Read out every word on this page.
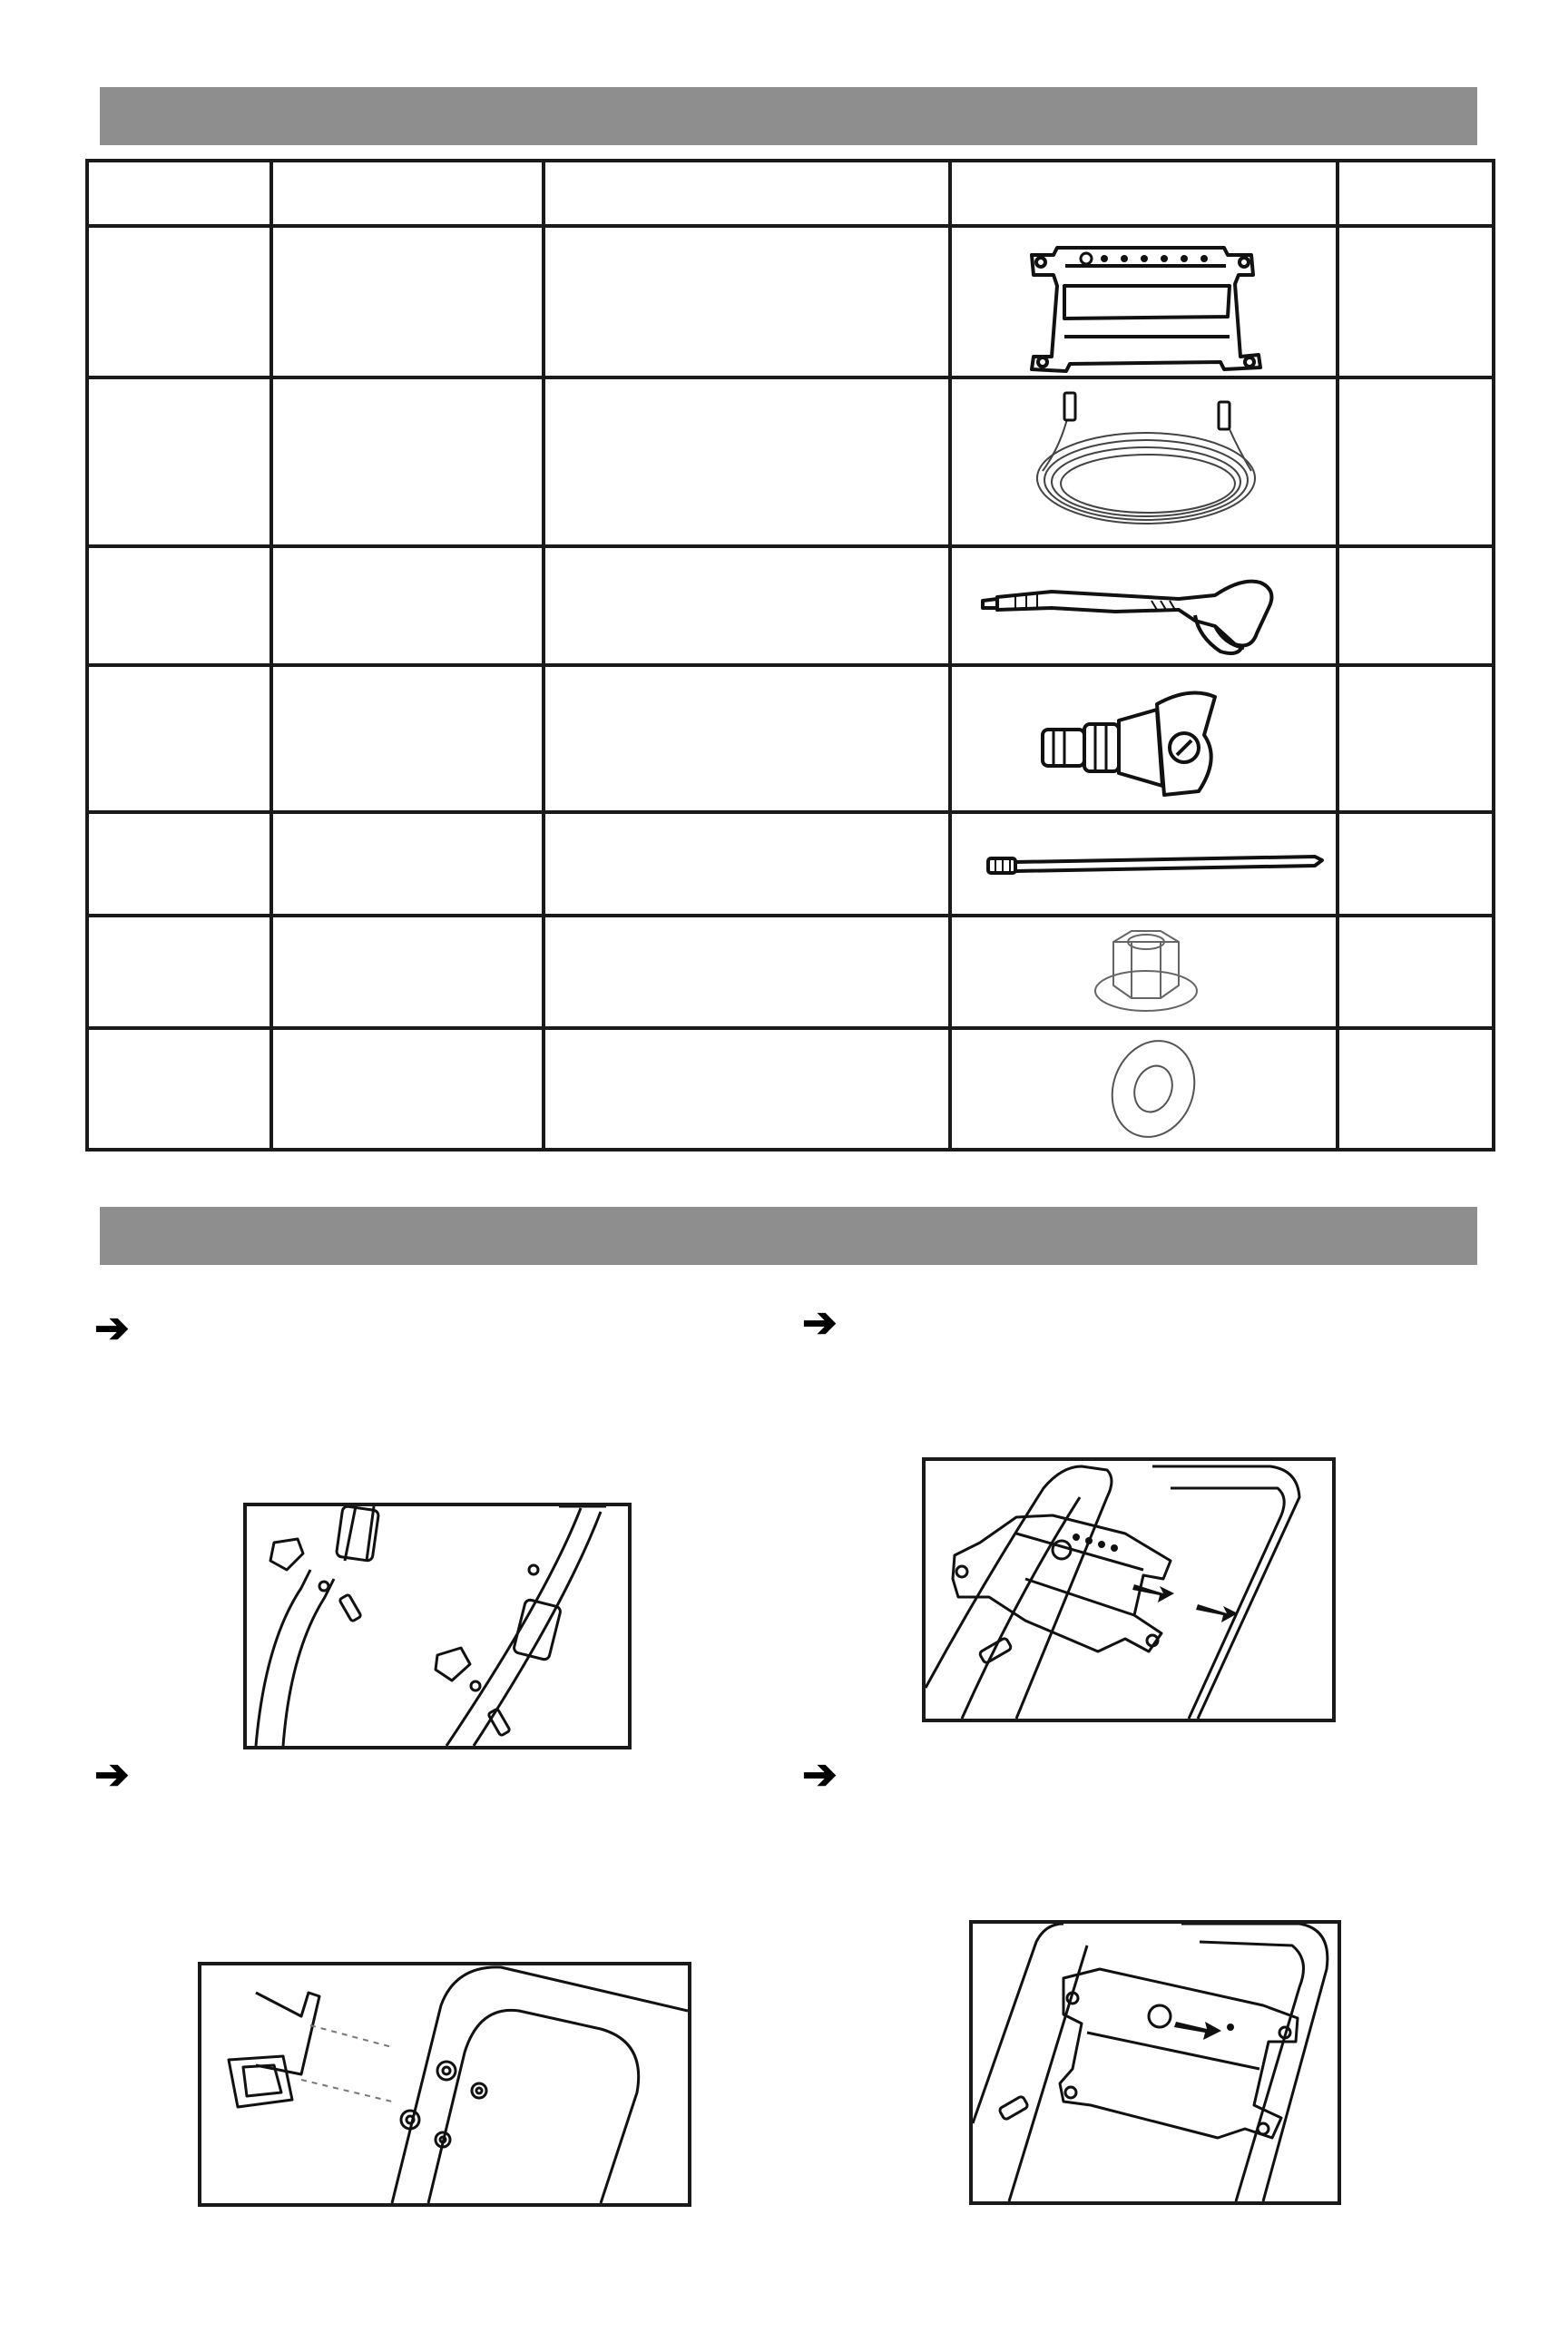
➔	➔
➔	➔
